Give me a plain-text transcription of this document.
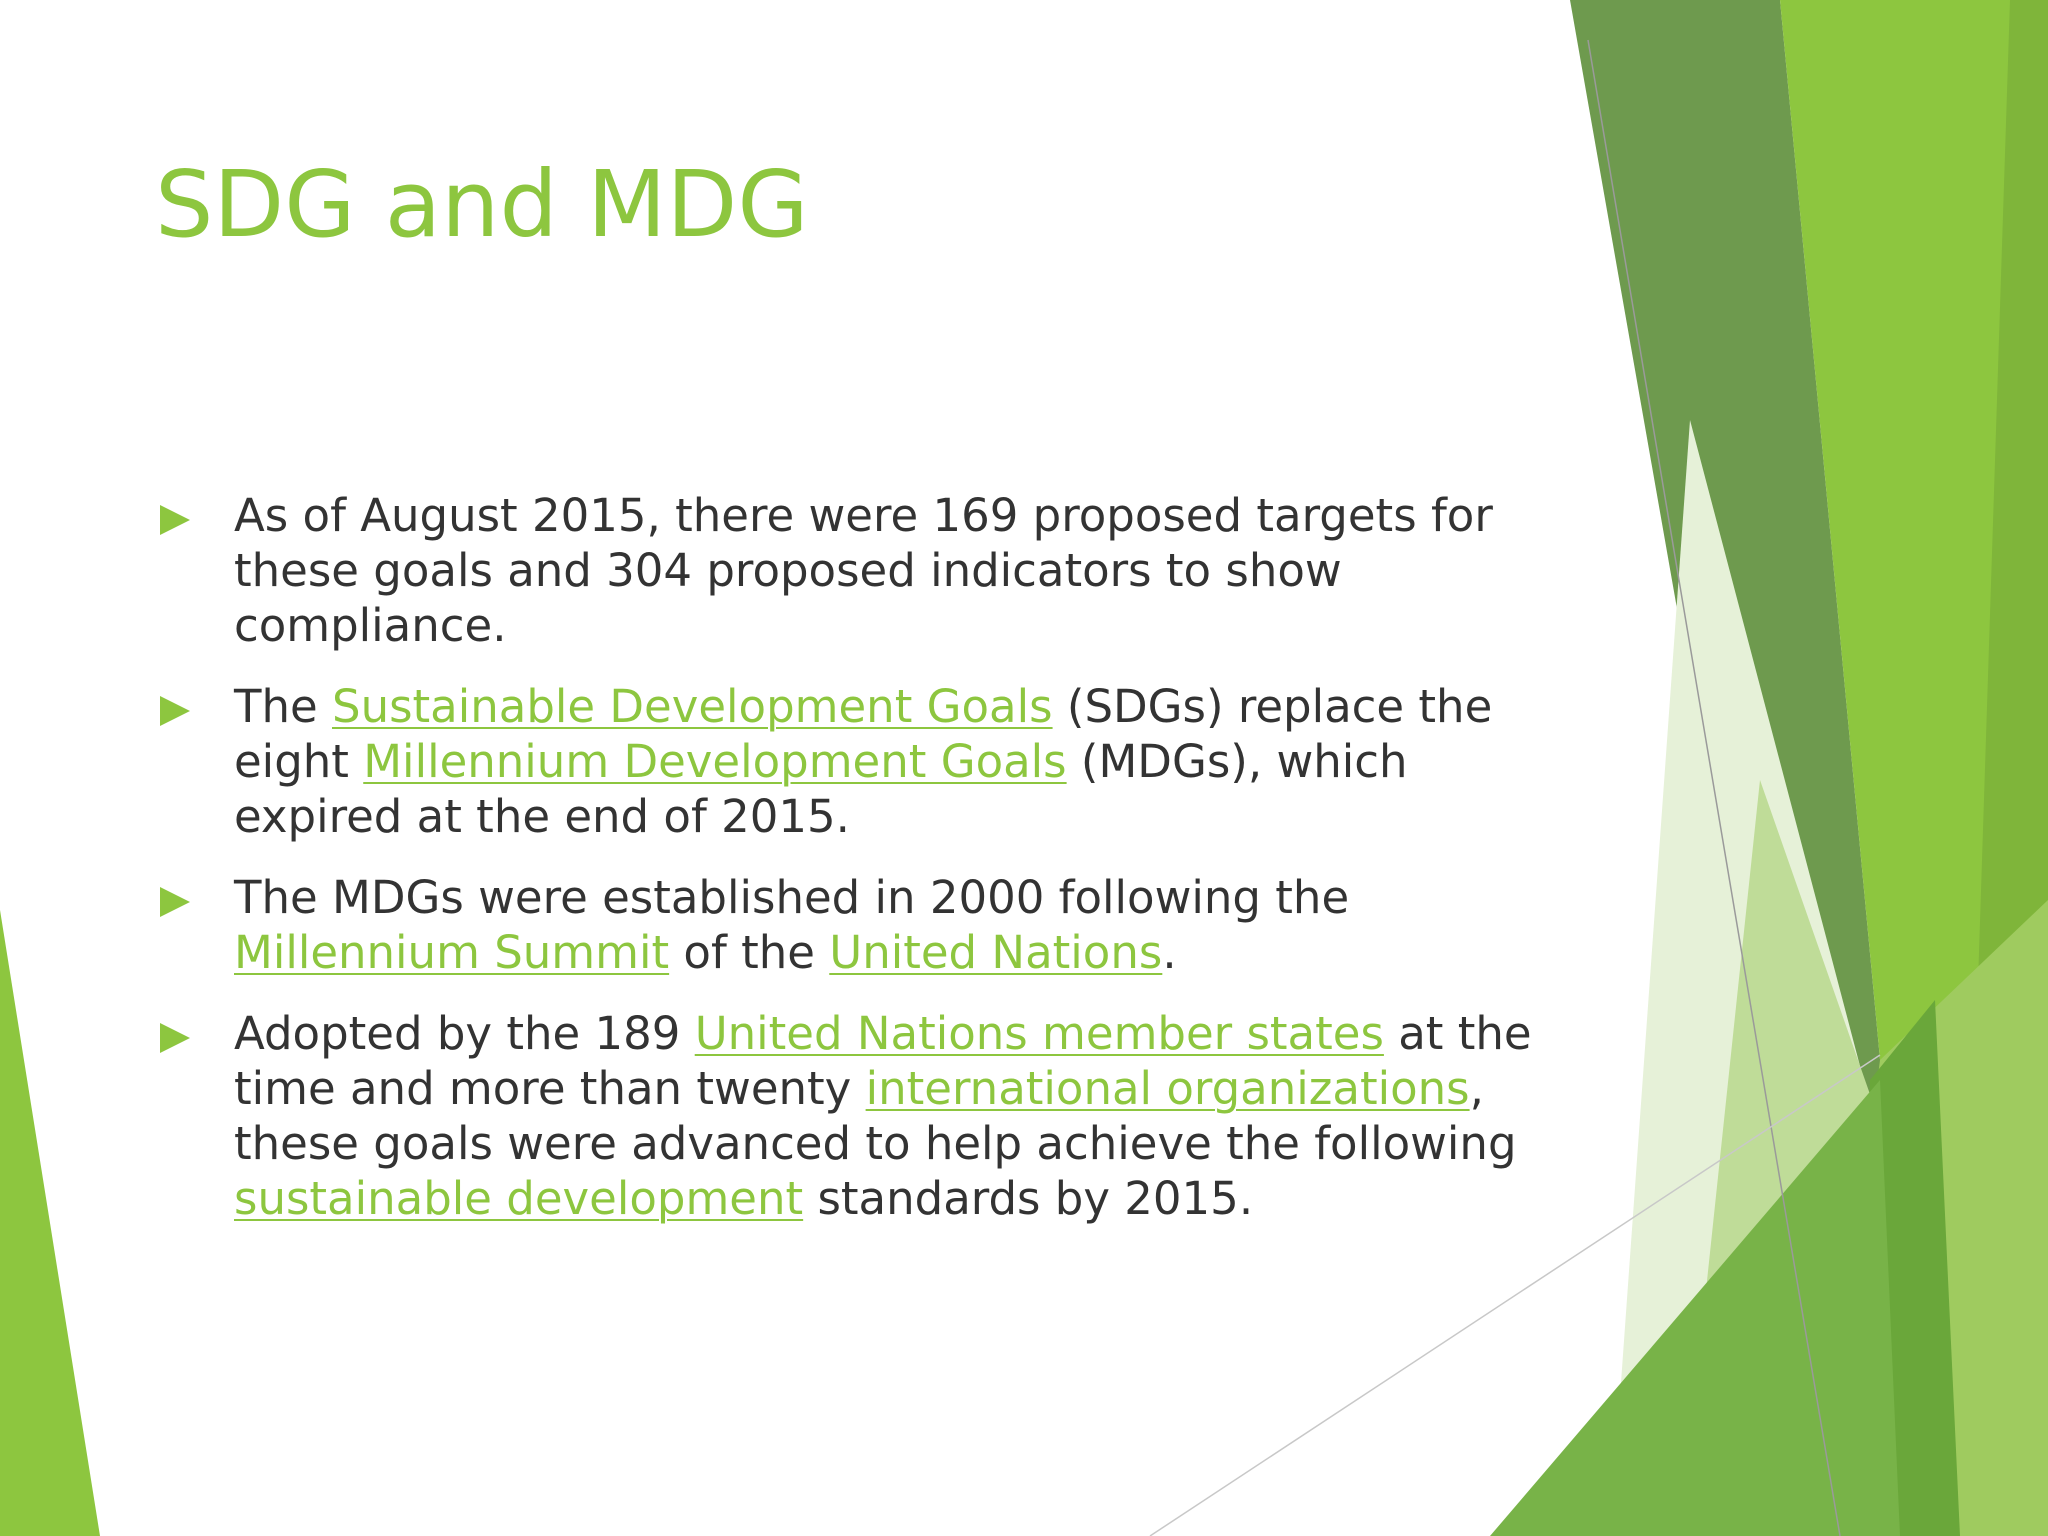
SDG and MDG
As of August 2015, there were 169 proposed targets for these goals and 304 proposed indicators to show compliance.
The Sustainable Development Goals (SDGs) replace the eight Millennium Development Goals (MDGs), which expired at the end of 2015.
The MDGs were established in 2000 following the Millennium Summit of the United Nations.
Adopted by the 189 United Nations member states at the time and more than twenty international organizations, these goals were advanced to help achieve the following sustainable development standards by 2015.
